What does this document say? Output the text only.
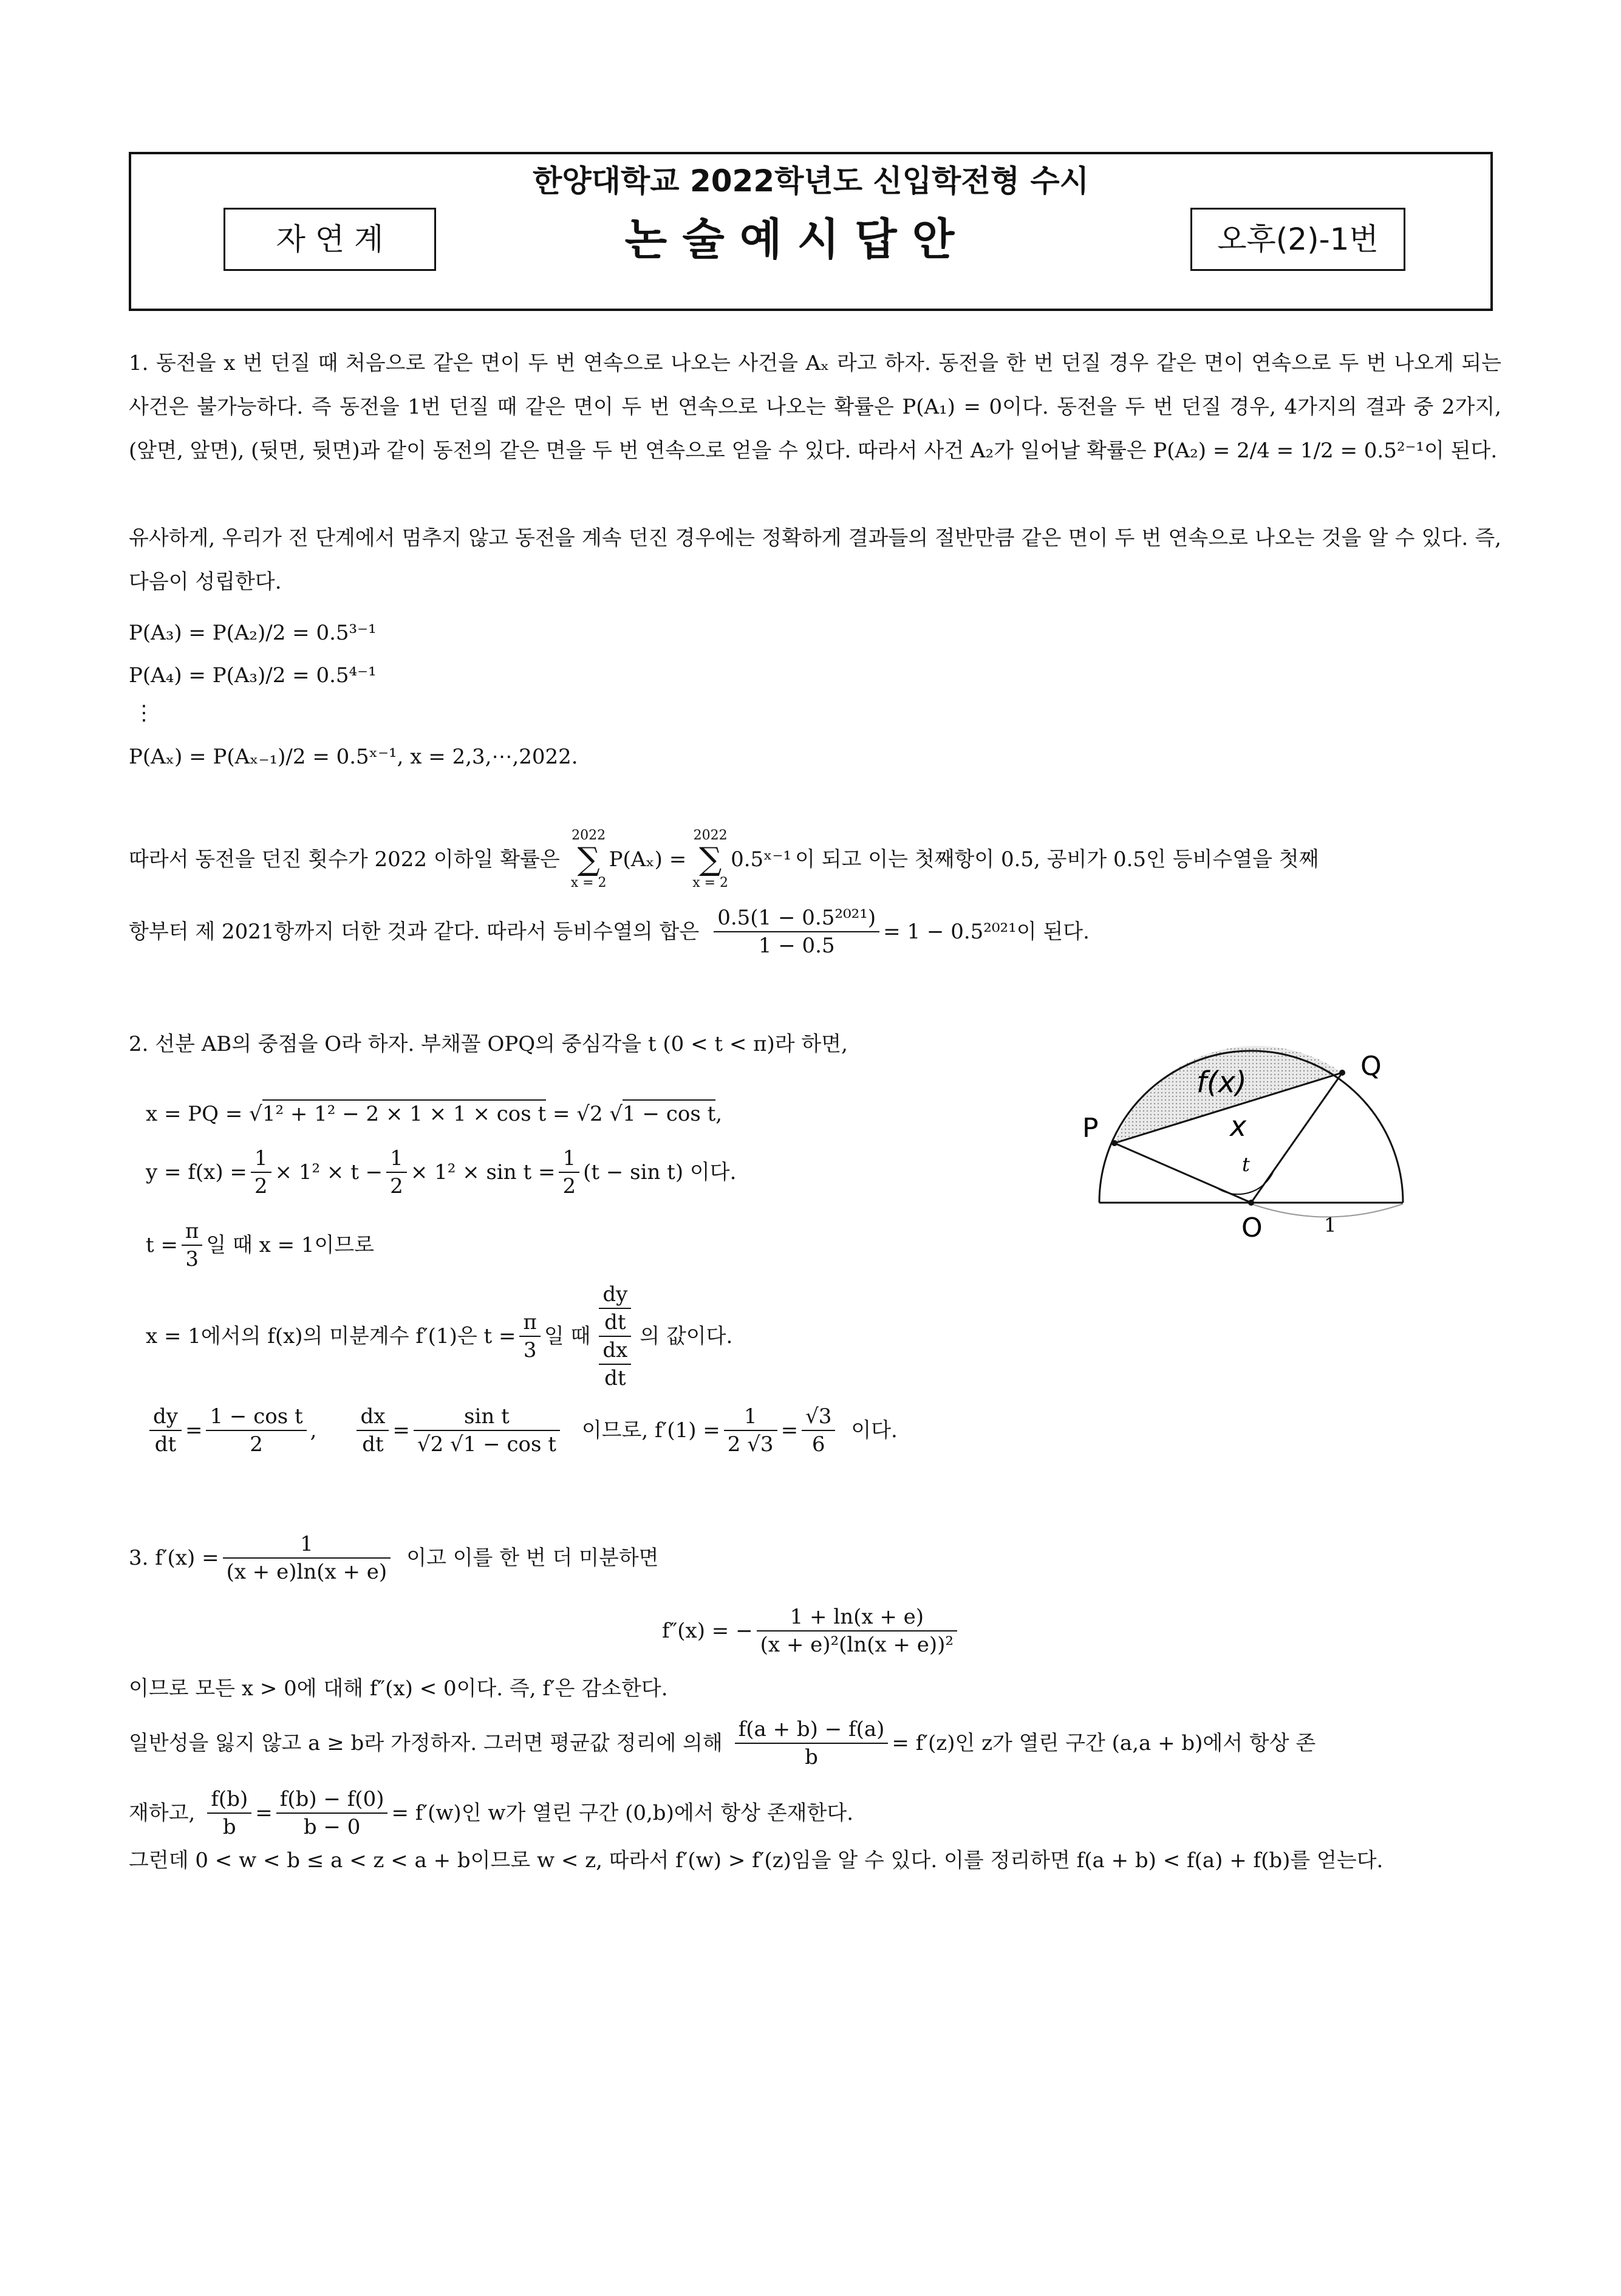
한양대학교 2022학년도 신입학전형 수시
자 연 계	논 술 예 시 답 안	오후(2)-1번
1. 동전을 x 번 던질 때 처음으로 같은 면이 두 번 연속으로 나오는 사건을 Aₓ 라고 하자. 동전을 한 번 던질 경우 같은 면이 연속으로 두 번 나오게 되는 사건은 불가능하다. 즉 동전을 1번 던질 때 같은 면이 두 번 연속으로 나오는 확률은 P(A₁) = 0이다. 동전을 두 번 던질 경우, 4가지의 결과 중 2가지, (앞면, 앞면), (뒷면, 뒷면)과 같이 동전의 같은 면을 두 번 연속으로 얻을 수 있다. 따라서 사건 A₂가 일어날 확률은 P(A₂) = 2/4 = 1/2 = 0.5²⁻¹이 된다.
유사하게, 우리가 전 단계에서 멈추지 않고 동전을 계속 던진 경우에는 정확하게 결과들의 절반만큼 같은 면이 두 번 연속으로 나오는 것을 알 수 있다. 즉, 다음이 성립한다.
P(A₃) = P(A₂)/2 = 0.5³⁻¹
P(A₄) = P(A₃)/2 = 0.5⁴⁻¹
⋮
P(Aₓ) = P(Aₓ₋₁)/2 = 0.5ˣ⁻¹, x = 2,3,⋯,2022.
따라서 동전을 던진 횟수가 2022 이하일 확률은
2022
∑
x = 2
P(Aₓ) =
2022
∑
x = 2
0.5ˣ⁻¹ 이 되고 이는 첫째항이 0.5, 공비가 0.5인 등비수열을 첫째
항부터 제 2021항까지 더한 것과 같다. 따라서 등비수열의 합은 $\frac{\text{0.5(1 − 0.5²⁰²¹)}}{1 - 0.5} = 1 - 0.5^{2021}$이 된다.
2. 선분 AB의 중점을 O라 하자. 부채꼴 OPQ의 중심각을 t (0 < t < π)라 하면,
x = PQ = √1² + 1² − 2 × 1 × 1 × cos t = √2 √1 − cos t,
$y = f(x) = \frac{1}{2} \times 1^2 \times t - \frac{1}{2} \times 1^2 \times \sin t = \frac{1}{2} (t - \sin t)$ 이다.
$t = \frac{\pi}{3}$ 일 때 x = 1이므로
x = 1에서의 f(x)의 미분계수 f′(1)은 $t = \frac{\pi}{3}$ 일 때 $\frac{\frac{dy}{dt}}{\frac{dx}{dt}}$ 의 값이다.
$\frac{dy}{dt} = \frac{\text{1 − cos t}}{2}$ , $\frac{dx}{dt} = \frac{\text{sin t}}{\text{√2 √1 − cos t}}$ 이므로, $f'(1) = \frac{1}{2 √3} = \frac{√3}{6}$ 이다.
f(x)
x
P
Q
O
t
1
3. $f'(x) = \frac{1}{(x + e)\ln(x + e)}$ 이고 이를 한 번 더 미분하면
f″(x) = − $\frac{1 + \ln(x + e)}{\text{(x + e)²(ln(x + e))²}}$
이므로 모든 x > 0에 대해 f″(x) < 0이다. 즉, f′은 감소한다.
일반성을 잃지 않고 a ≥ b라 가정하자. 그러면 평균값 정리에 의해 $\frac{f(a + b) - f(a)}{b} = f'(z)$인 z가 열린 구간 (a,a + b)에서 항상 존
재하고, $\frac{f(b)}{b} = \frac{f(b) - f(0)}{b - 0} = f'(w)$인 w가 열린 구간 (0,b)에서 항상 존재한다.
그런데 0 < w < b ≤ a < z < a + b이므로 w < z, 따라서 f′(w) > f′(z)임을 알 수 있다. 이를 정리하면 f(a + b) < f(a) + f(b)를 얻는다.
